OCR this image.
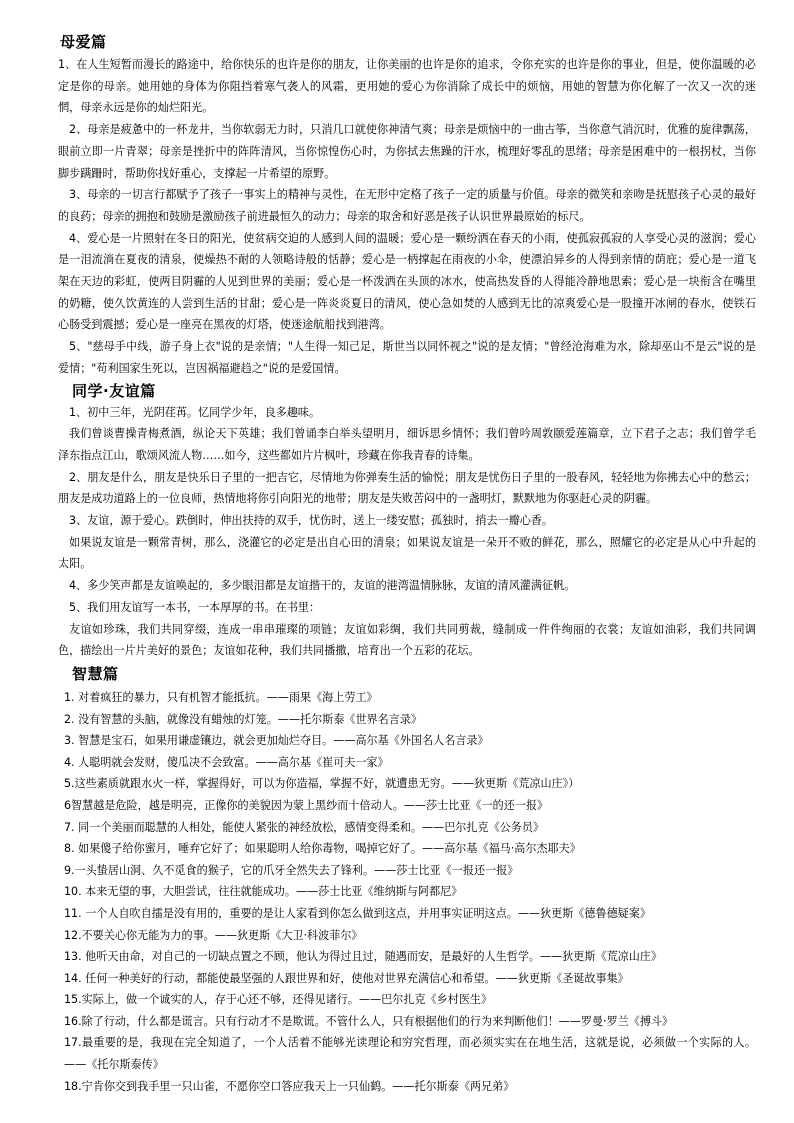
母爱篇
1、在人生短暂而漫长的路途中，给你快乐的也许是你的朋友，让你美丽的也许是你的追求，令你充实的也许是你的事业，但是，使你温暖的必定是你的母亲。她用她的身体为你阻挡着寒气袭人的风霜，更用她的爱心为你消除了成长中的烦恼，用她的智慧为你化解了一次又一次的迷惘，母亲永远是你的灿烂阳光。
2、母亲是疲惫中的一杯龙井，当你软弱无力时，只消几口就使你神清气爽；母亲是烦恼中的一曲古筝，当你意气消沉时，优雅的旋律飘荡，眼前立即一片青翠；母亲是挫折中的阵阵清风，当你惊惶伤心时，为你拭去焦躁的汗水，梳理好零乱的思绪；母亲是困难中的一根拐杖，当你脚步蹒跚时，帮助你找好重心，支撑起一片希望的原野。
3、母亲的一切言行都赋予了孩子一事实上的精神与灵性，在无形中定格了孩子一定的质量与价值。母亲的微笑和亲吻是抚慰孩子心灵的最好的良药；母亲的拥抱和鼓励是激励孩子前进最恒久的动力；母亲的取舍和好恶是孩子认识世界最原始的标尺。
4、爱心是一片照射在冬日的阳光，使贫病交迫的人感到人间的温暖；爱心是一颗纷洒在春天的小雨，使孤寂孤寂的人享受心灵的滋润；爱心是一泪流淌在夏夜的清泉，使燥热不耐的人领略诗般的恬静；爱心是一柄撑起在雨夜的小伞，使漂泊异乡的人得到亲情的荫庇；爱心是一道飞架在天边的彩虹，使两目阴霾的人见到世界的美丽；爱心是一杯泼洒在头顶的冰水，使高热发昏的人得能冷静地思索；爱心是一块衔含在嘴里的奶糖，使久饮黄连的人尝到生活的甘甜；爱心是一阵炎炎夏日的清风，使心急如焚的人感到无比的凉爽爱心是一股撞开冰闸的春水，使铁石心肠受到震撼；爱心是一座亮在黑夜的灯塔，使迷途航船找到港湾。
5、"慈母手中线，游子身上衣"说的是亲情；"人生得一知己足，斯世当以同怀视之"说的是友情；"曾经沧海难为水，除却巫山不是云"说的是爱情；"苟利国家生死以，岂因祸福避趋之"说的是爱国情。
同学·友谊篇
1、初中三年，光阴荏苒。忆同学少年，良多趣味。
我们曾谈曹操青梅煮酒，纵论天下英雄；我们曾诵李白举头望明月，细诉思乡情怀；我们曾吟周敦颐爱莲篇章，立下君子之志；我们曾学毛泽东指点江山，歌颂风流人物……如今，这些都如片片枫叶，珍藏在你我青春的诗集。
2、朋友是什么，朋友是快乐日子里的一把吉它，尽情地为你弹奏生活的愉悦；朋友是忧伤日子里的一股春风，轻轻地为你拂去心中的愁云；朋友是成功道路上的一位良师，热情地将你引向阳光的地带；朋友是失败苦闷中的一盏明灯，默默地为你驱赶心灵的阴霾。
3、友谊，源于爱心。跌倒时，伸出扶持的双手，忧伤时，送上一缕安慰；孤独时，捎去一瓣心香。
如果说友谊是一颗常青树，那么，浇灌它的必定是出自心田的清泉；如果说友谊是一朵开不败的鲜花，那么，照耀它的必定是从心中升起的太阳。
4、多少笑声都是友谊唤起的，多少眼泪都是友谊揩干的，友谊的港湾温情脉脉，友谊的清风灌满征帆。
5、我们用友谊写一本书，一本厚厚的书。在书里：
友谊如珍珠，我们共同穿缀，连成一串串璀璨的项链；友谊如彩绸，我们共同剪裁，缝制成一件件绚丽的衣裳；友谊如油彩，我们共同调色，描绘出一片片美好的景色；友谊如花种，我们共同播撒，培育出一个五彩的花坛。
智慧篇
1. 对着疯狂的暴力，只有机智才能抵抗。——雨果《海上劳工》
2. 没有智慧的头脑，就像没有蜡烛的灯笼。——托尔斯泰《世界名言录》
3. 智慧是宝石，如果用谦虚镶边，就会更加灿烂夺目。——高尔基《外国名人名言录》
4. 人聪明就会发财，傻瓜决不会致富。——高尔基《崔可夫一家》
5.这些素质就跟水火一样，掌握得好，可以为你造福，掌握不好，就遭患无穷。——狄更斯《荒凉山庄》）
6智慧越是危险，越是明亮，正像你的美貌因为蒙上黑纱而十倍动人。——莎士比亚《一的还一报》
7. 同一个美丽而聪慧的人相处，能使人紧张的神经放松，感情变得柔和。——巴尔扎克《公务员》
8. 如果傻子给你蜜月，唾弃它好了；如果聪明人给你毒物，喝掉它好了。——高尔基《福马·高尔杰耶夫》
9.一头蛰居山洞、久不觅食的猴子，它的爪牙全然失去了锋利。——莎士比亚《一报还一报》
10. 本来无望的事，大胆尝试，往往就能成功。——莎士比亚《维纳斯与阿都尼》
11. 一个人自吹自擂是没有用的，重要的是让人家看到你怎么做到这点，并用事实证明这点。——狄更斯《德鲁德疑案》
12.不要关心你无能为力的事。——狄更斯《大卫·科波菲尔》
13. 他听天由命，对自己的一切缺点置之不顾，他认为得过且过，随遇而安，是最好的人生哲学。——狄更斯《荒凉山庄》
14. 任何一种美好的行动，都能使最坚强的人跟世界和好，使他对世界充满信心和希望。——狄更斯《圣诞故事集》
15.实际上，做一个诚实的人，存于心还不够，还得见诸行。——巴尔扎克《乡村医生》
16.除了行动，什么都是谎言。只有行动才不是欺谎。不管什么人，只有根据他们的行为来判断他们！——罗曼·罗兰《搏斗》
17.最重要的是，我现在完全知道了，一个人活着不能够光读理论和穷究哲理，而必须实实在在地生活，这就是说，必须做一个实际的人。——《托尔斯泰传》
18.宁肯你交到我手里一只山雀，不愿你空口答应我天上一只仙鹤。——托尔斯泰《两兄弟》
